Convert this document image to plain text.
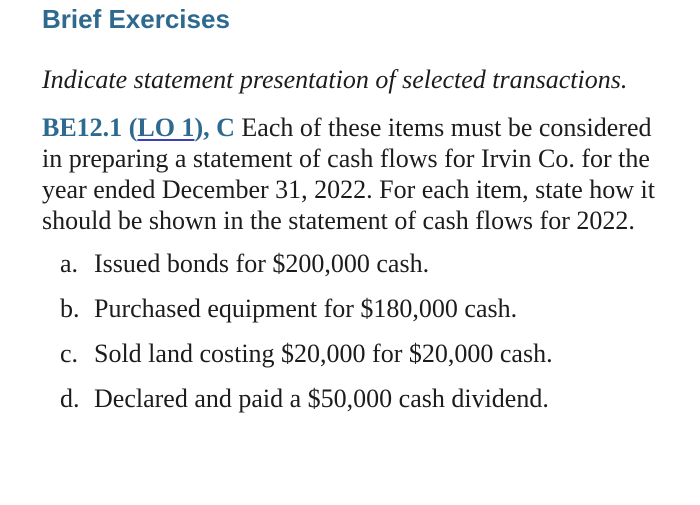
Brief Exercises

Indicate statement presentation of selected transactions.

BE12.1 (LO 1), C Each of these items must be considered in preparing a statement of cash flows for Irvin Co. for the year ended December 31, 2022. For each item, state how it should be shown in the statement of cash flows for 2022.

a. Issued bonds for $200,000 cash.
b. Purchased equipment for $180,000 cash.
c. Sold land costing $20,000 for $20,000 cash.
d. Declared and paid a $50,000 cash dividend.
